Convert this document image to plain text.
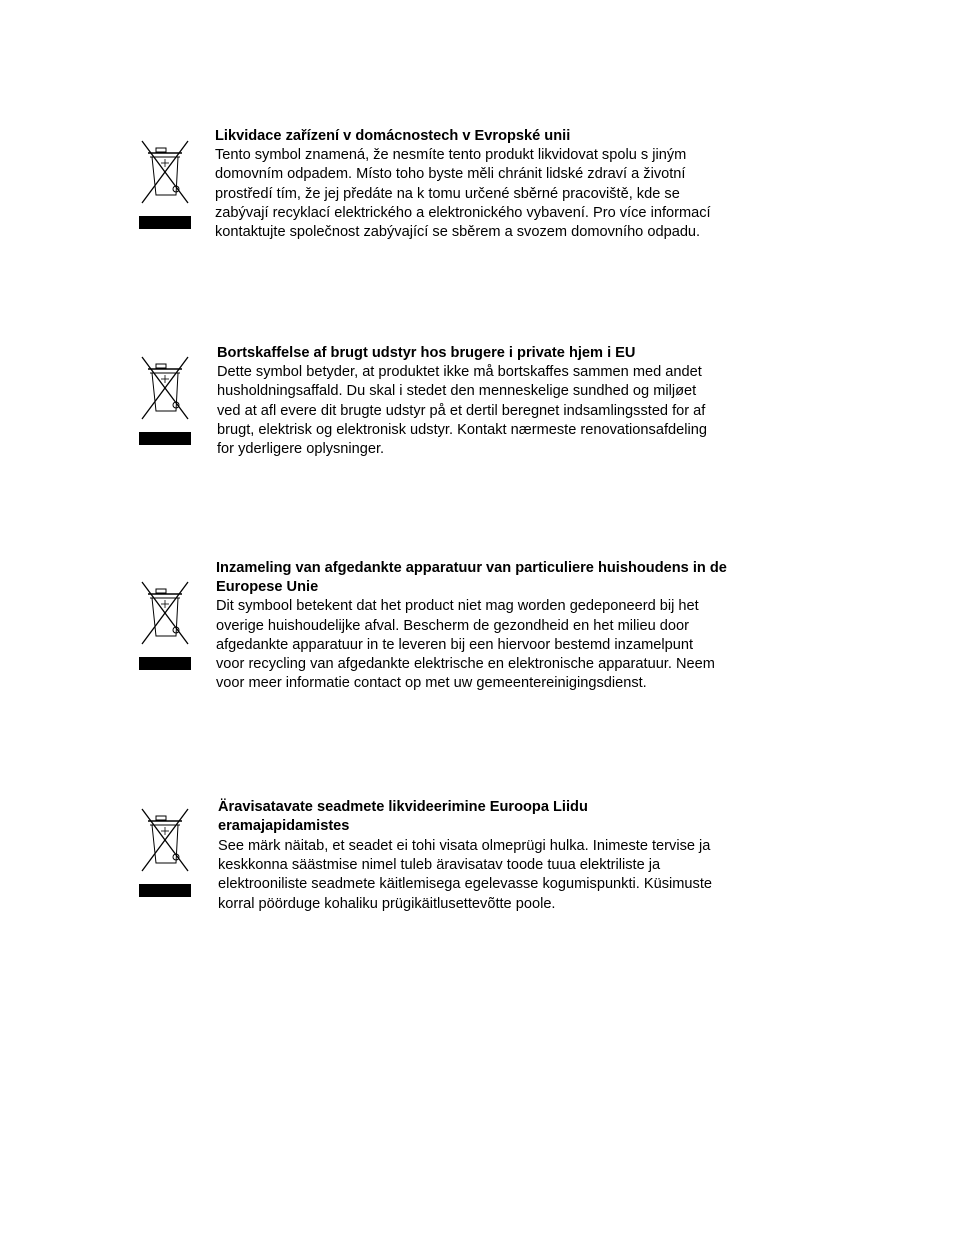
Likvidace zařízení v domácnostech v Evropské unii

Tento symbol znamená, že nesmíte tento produkt likvidovat spolu s jiným
domovním odpadem. Místo toho byste měli chránit lidské zdraví a životní
prostředí tím, že jej předáte na k tomu určené sběrné pracoviště, kde se
zabývají recyklací elektrického a elektronického vybavení. Pro více informací
kontaktujte společnost zabývající se sběrem a svozem domovního odpadu.

Bortskaffelse af brugt udstyr hos brugere i private hjem i EU

Dette symbol betyder, at produktet ikke må bortskaffes sammen med andet
husholdningsaffald. Du skal i stedet den menneskelige sundhed og miljøet
ved at afl evere dit brugte udstyr på et dertil beregnet indsamlingssted for af
brugt, elektrisk og elektronisk udstyr. Kontakt nærmeste renovationsafdeling
for yderligere oplysninger.

Inzameling van afgedankte apparatuur van particuliere huishoudens in de Europese Unie

Dit symbool betekent dat het product niet mag worden gedeponeerd bij het
overige huishoudelijke afval. Bescherm de gezondheid en het milieu door
afgedankte apparatuur in te leveren bij een hiervoor bestemd inzamelpunt
voor recycling van afgedankte elektrische en elektronische apparatuur. Neem
voor meer informatie contact op met uw gemeentereinigingsdienst.

Äravisatavate seadmete likvideerimine Euroopa Liidu eramajapidamistes

See märk näitab, et seadet ei tohi visata olmeprügi hulka. Inimeste tervise ja
keskkonna säästmise nimel tuleb äravisatav toode tuua elektriliste ja
elektrooniliste seadmete käitlemisega egelevasse kogumispunkti. Küsimuste
korral pöörduge kohaliku prügikäitlusettevõtte poole.
